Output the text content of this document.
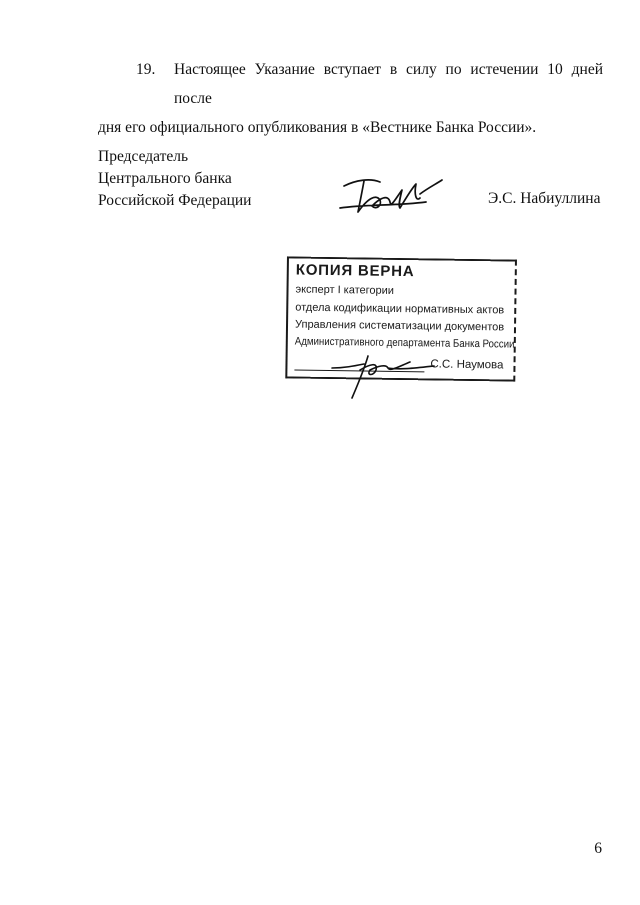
19.	Настоящее Указание вступает в силу по истечении 10 дней после
дня его официального опубликования в «Вестнике Банка России».
Председатель
Центрального банка
Российской Федерации	Э.С. Набиуллина
КОПИЯ ВЕРНА
эксперт I категории
отдела кодификации нормативных актов
Управления систематизации документов
Административного департамента Банка России
С.С. Наумова
6
